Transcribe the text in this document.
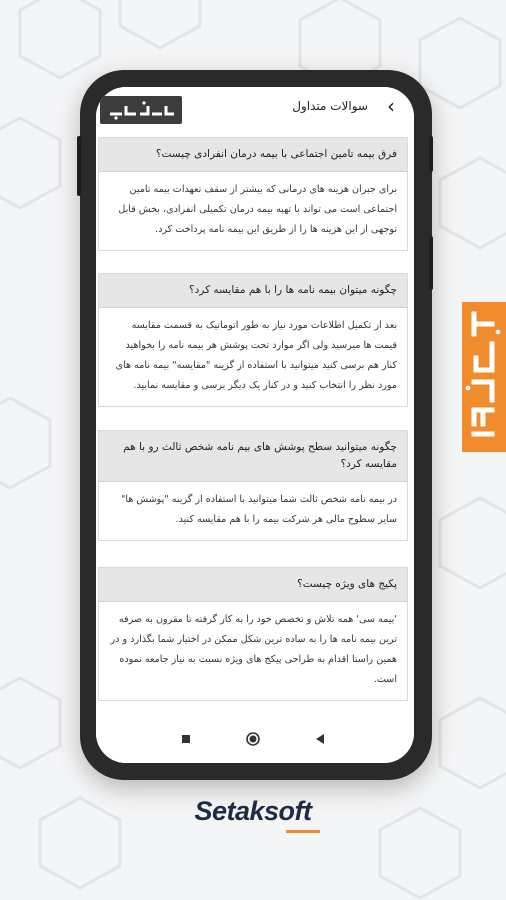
سوالات متداول ‹
فرق بیمه تامین اجتماعی با بیمه درمان انفرادی چیست؟
برای جبران هزینه های درمانی که بیشتر از سقف تعهدات بیمه تامین اجتماعی است می تواند با تهیه بیمه درمان تکمیلی انفرادی، بخش قابل توجهی از این هزینه ها را از طریق این بیمه نامه پرداخت کرد.
چگونه میتوان بیمه نامه ها را با هم مقایسه کرد؟
بعد از تکمیل اطلاعات مورد نیاز به طور اتوماتیک به قسمت مقایسه قیمت ها میرسید ولی اگر موارد تحت پوشش هر بیمه نامه را بخواهید کنار هم برسی کنید میتوانید با استفاده از گزینه "مقایسه" بیمه نامه های مورد نظر را انتخاب کنید و در کنار یک دیگر برسی و مقایسه نمایید.
چگونه میتوانید سطح پوشش های بیم نامه شخص ثالث رو با هم مقایسه کرد؟
در بیمه نامه شخص ثالث شما میتوانید با استفاده از گزینه "پوشش ها" سایر سطوح مالی هر شرکت بیمه را با هم مقایسه کنید.
پکیج های ویژه چیست؟
'بیمه سی' همه تلاش و تخصص خود را به کار گرفته تا مقرون به صرفه ترین بیمه نامه ها را به ساده ترین شکل ممکن در اختیار شما بگذارد و در همین راستا اقدام به طراحی پیکج های ویژه نسبت به نیاز جامعه نموده است.
Setaksoft
